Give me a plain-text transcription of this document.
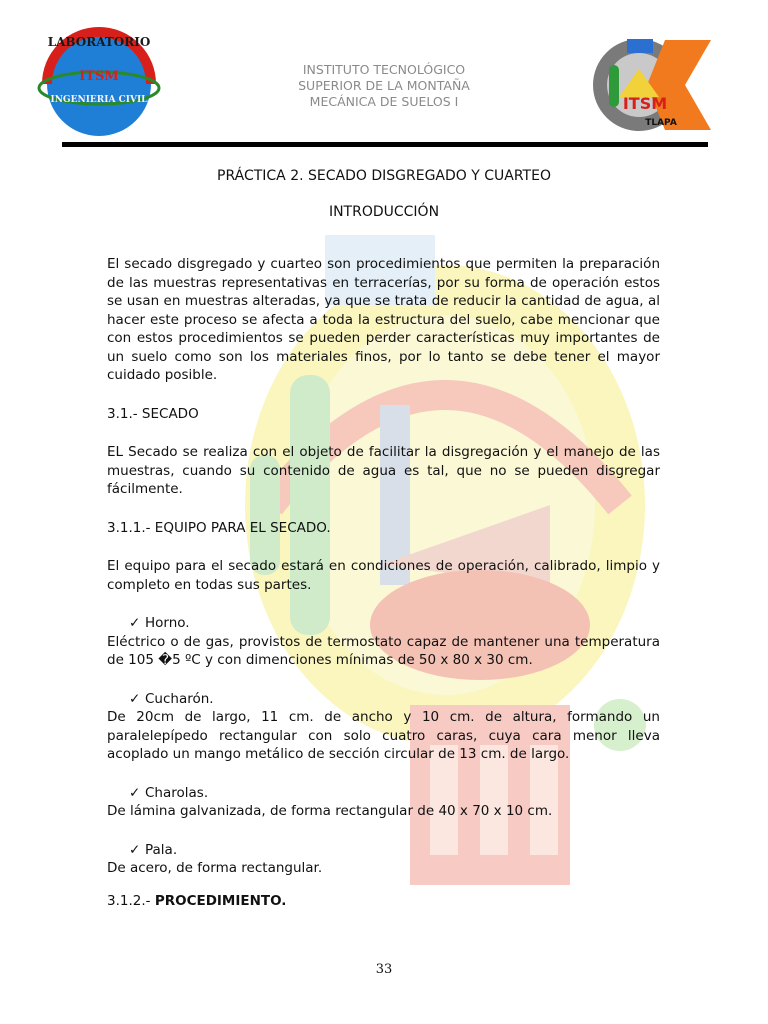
LABORATORIO
ITSM
INGENIERIA CIVIL	ITSM
TLAPA
INSTITUTO TECNOLÓGICO
SUPERIOR DE LA MONTAÑA
MECÁNICA DE SUELOS I
PRÁCTICA 2. SECADO DISGREGADO Y CUARTEO
INTRODUCCIÓN

El secado disgregado y cuarteo son procedimientos que permiten la preparación de las muestras representativas en terracerías, por su forma de operación estos se usan en muestras alteradas, ya que se trata de reducir la cantidad de agua, al hacer este proceso se afecta a toda la estructura del suelo, cabe mencionar que con estos procedimientos se pueden perder características muy importantes de un suelo como son los materiales finos, por lo tanto se debe tener el mayor cuidado posible.

3.1.- SECADO

EL Secado se realiza con el objeto de facilitar la disgregación y el manejo de las muestras, cuando su contenido de agua es tal, que no se pueden disgregar fácilmente.

3.1.1.- EQUIPO PARA EL SECADO.

El equipo para el secado estará en condiciones de operación, calibrado, limpio y completo en todas sus partes.

✓ Horno.
Eléctrico o de gas, provistos de termostato capaz de mantener una temperatura de 105 �5 ºC y con dimenciones mínimas de 50 x 80 x 30 cm.
✓ Cucharón.
De 20cm de largo, 11 cm. de ancho y 10 cm. de altura, formando un paralelepípedo rectangular con solo cuatro caras, cuya cara menor lleva acoplado un mango metálico de sección circular de 13 cm. de largo.
✓ Charolas.
De lámina galvanizada, de forma rectangular de 40 x 70 x 10 cm.
✓ Pala.
De acero, de forma rectangular.
3.1.2.- PROCEDIMIENTO.
33
